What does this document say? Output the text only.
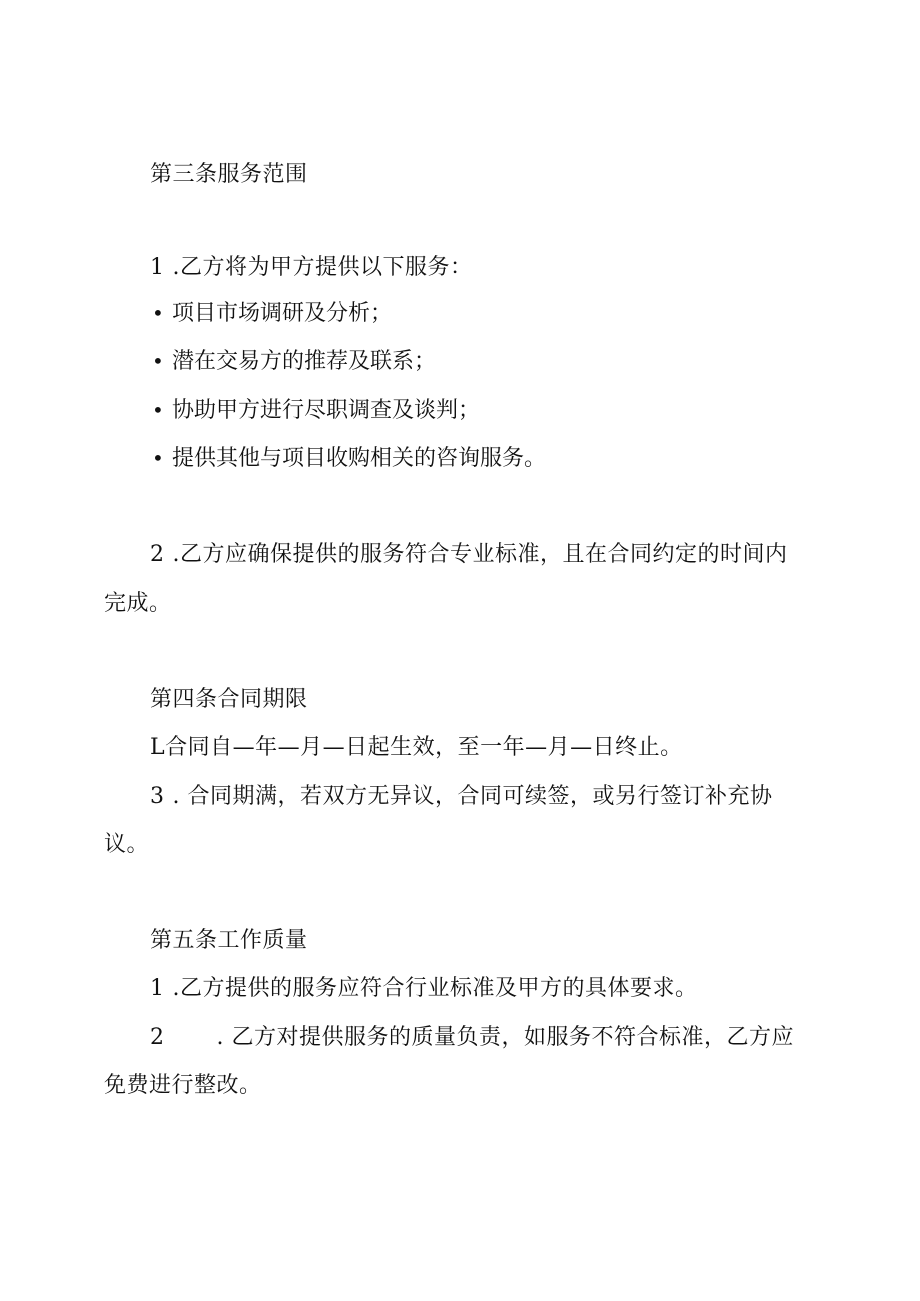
第三条服务范围
1 .乙方将为甲方提供以下服务：
• 项目市场调研及分析；
• 潜在交易方的推荐及联系；
• 协助甲方进行尽职调查及谈判；
• 提供其他与项目收购相关的咨询服务。
2 .乙方应确保提供的服务符合专业标准，且在合同约定的时间内
完成。
第四条合同期限
L合同自—年—月—日起生效，至一年—月—日终止。
3 . 合同期满，若双方无异议，合同可续签，或另行签订补充协
议。
第五条工作质量
1 .乙方提供的服务应符合行业标准及甲方的具体要求。
2 . 乙方对提供服务的质量负责，如服务不符合标准，乙方应
免费进行整改。
